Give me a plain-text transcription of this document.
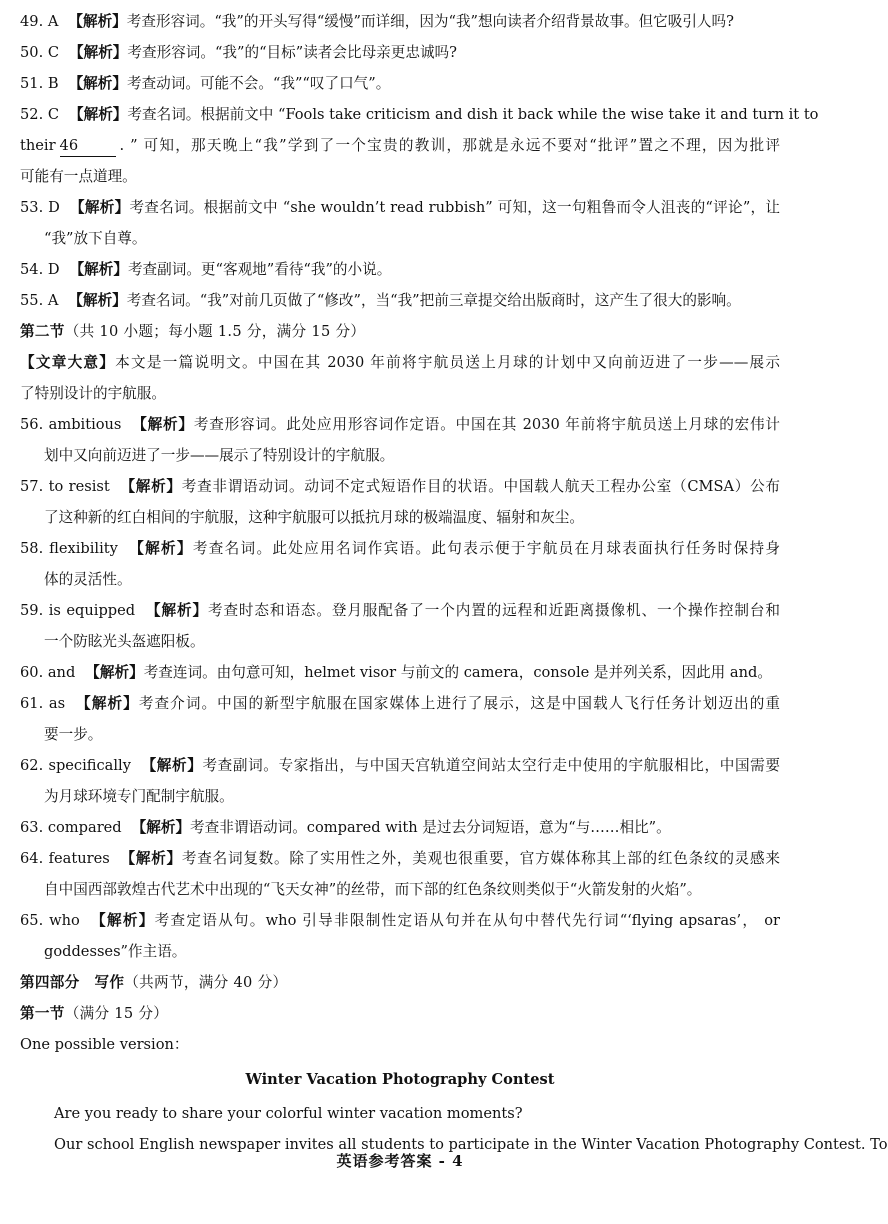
49. A 【解析】考查形容词。“我”的开头写得“缓慢”而详细，因为“我”想向读者介绍背景故事。但它吸引人吗?
50. C 【解析】考查形容词。“我”的“目标”读者会比母亲更忠诚吗?
51. B 【解析】考查动词。可能不会。“我”“叹了口气”。
52. C 【解析】考查名词。根据前文中 “Fools take criticism and dish it back while the wise take it and turn it to
their 46	. ” 可知，那天晚上“我”学到了一个宝贵的教训，那就是永远不要对“批评”置之不理，因为批评
可能有一点道理。
53. D 【解析】考查名词。根据前文中 “she wouldn’t read rubbish” 可知，这一句粗鲁而令人沮丧的“评论”，让
“我”放下自尊。
54. D 【解析】考查副词。更“客观地”看待“我”的小说。
55. A 【解析】考查名词。“我”对前几页做了“修改”，当“我”把前三章提交给出版商时，这产生了很大的影响。
第二节（共 10 小题；每小题 1.5 分，满分 15 分）
【文章大意】本文是一篇说明文。中国在其 2030 年前将宇航员送上月球的计划中又向前迈进了一步——展示
了特别设计的宇航服。
56. ambitious 【解析】考查形容词。此处应用形容词作定语。中国在其 2030 年前将宇航员送上月球的宏伟计
划中又向前迈进了一步——展示了特别设计的宇航服。
57. to resist 【解析】考查非谓语动词。动词不定式短语作目的状语。中国载人航天工程办公室（CMSA）公布
了这种新的红白相间的宇航服，这种宇航服可以抵抗月球的极端温度、辐射和灰尘。
58. flexibility 【解析】考查名词。此处应用名词作宾语。此句表示便于宇航员在月球表面执行任务时保持身
体的灵活性。
59. is equipped 【解析】考查时态和语态。登月服配备了一个内置的远程和近距离摄像机、一个操作控制台和
一个防眩光头盔遮阳板。
60. and 【解析】考查连词。由句意可知，helmet visor 与前文的 camera，console 是并列关系，因此用 and。
61. as 【解析】考查介词。中国的新型宇航服在国家媒体上进行了展示，这是中国载人飞行任务计划迈出的重
要一步。
62. specifically 【解析】考查副词。专家指出，与中国天宫轨道空间站太空行走中使用的宇航服相比，中国需要
为月球环境专门配制宇航服。
63. compared 【解析】考查非谓语动词。compared with 是过去分词短语，意为“与……相比”。
64. features 【解析】考查名词复数。除了实用性之外，美观也很重要，官方媒体称其上部的红色条纹的灵感来
自中国西部敦煌古代艺术中出现的“飞天女神”的丝带，而下部的红色条纹则类似于“火箭发射的火焰”。
65. who 【解析】考查定语从句。who 引导非限制性定语从句并在从句中替代先行词“‘flying apsaras’， or
goddesses”作主语。
第四部分　写作（共两节，满分 40 分）
第一节（满分 15 分）
One possible version：
Winter Vacation Photography Contest
Are you ready to share your colorful winter vacation moments?
Our school English newspaper invites all students to participate in the Winter Vacation Photography Contest. To
英语参考答案 - 4
